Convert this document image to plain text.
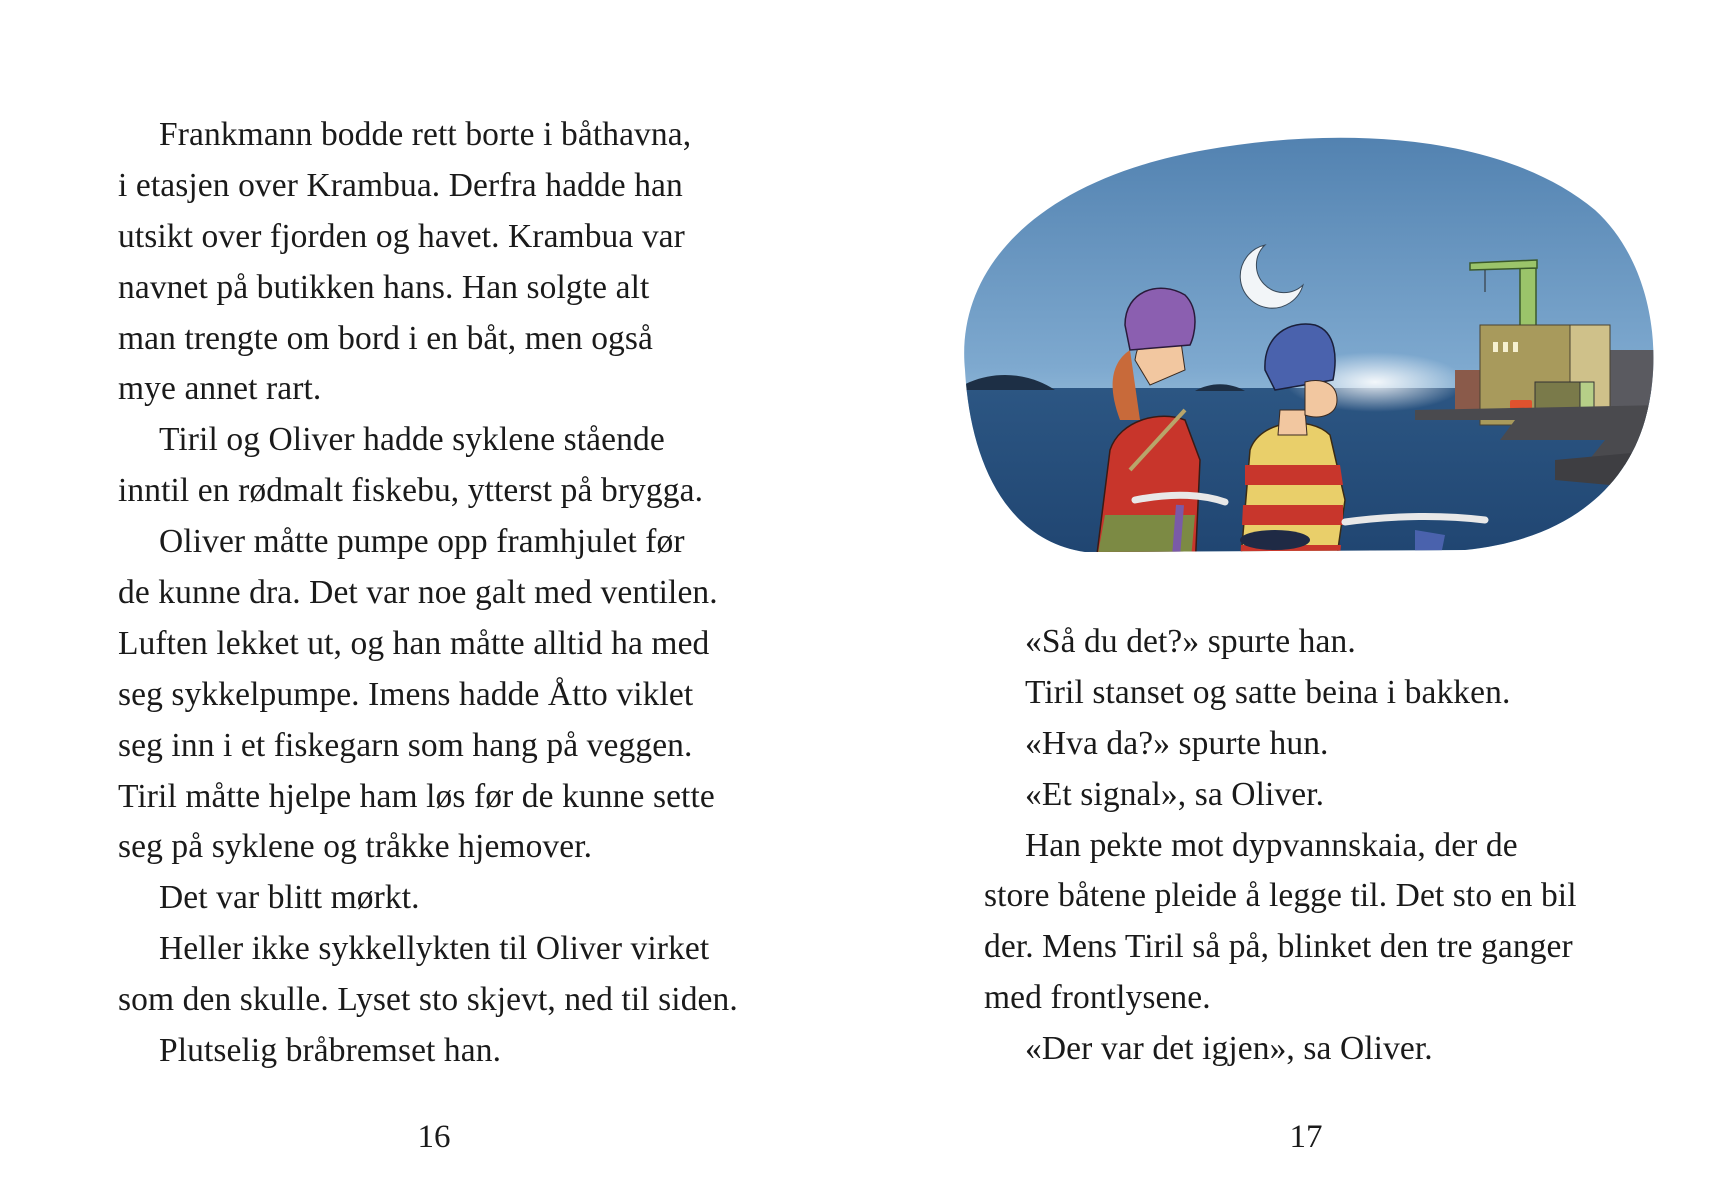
Frankmann bodde rett borte i båthavna,
i etasjen over Krambua. Derfra hadde han
utsikt over fjorden og havet. Krambua var
navnet på butikken hans. Han solgte alt
man trengte om bord i en båt, men også
mye annet rart.
Tiril og Oliver hadde syklene stående
inntil en rødmalt fiskebu, ytterst på brygga.
Oliver måtte pumpe opp framhjulet før
de kunne dra. Det var noe galt med ventilen.
Luften lekket ut, og han måtte alltid ha med
seg sykkelpumpe. Imens hadde Åtto viklet
seg inn i et fiskegarn som hang på veggen.
Tiril måtte hjelpe ham løs før de kunne sette
seg på syklene og tråkke hjemover.
Det var blitt mørkt.
Heller ikke sykkellykten til Oliver virket
som den skulle. Lyset sto skjevt, ned til siden.
Plutselig bråbremset han.
16
«Så du det?» spurte han.
Tiril stanset og satte beina i bakken.
«Hva da?» spurte hun.
«Et signal», sa Oliver.
Han pekte mot dypvannskaia, der de
store båtene pleide å legge til. Det sto en bil
der. Mens Tiril så på, blinket den tre ganger
med frontlysene.
«Der var det igjen», sa Oliver.
17
